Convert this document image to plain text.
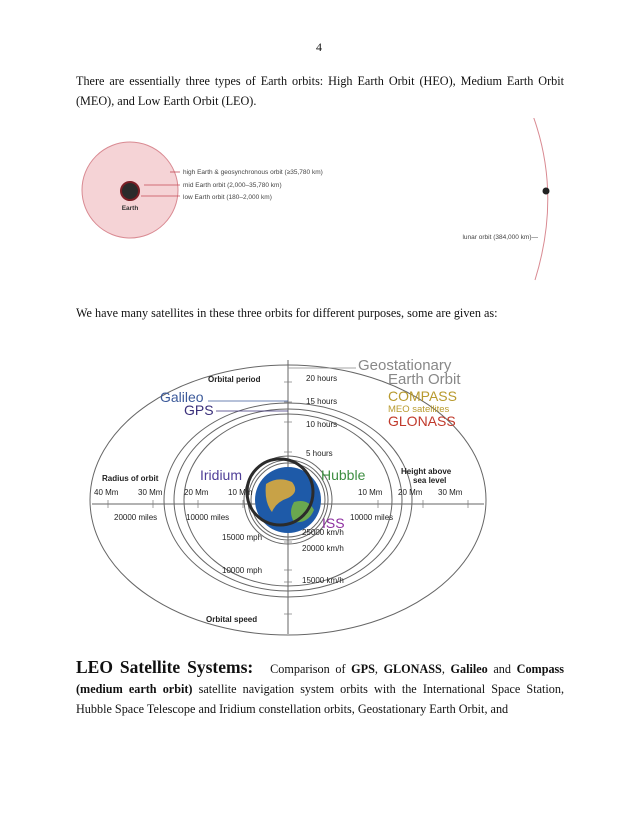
4

There are essentially three types of Earth orbits: High Earth Orbit (HEO), Medium Earth Orbit (MEO), and Low Earth Orbit (LEO).

Earth
high Earth & geosynchronous orbit (≥35,780 km)
mid Earth orbit (2,000–35,780 km)
low Earth orbit (180–2,000 km)
lunar orbit (384,000 km)—

We have many satellites in these three orbits for different purposes, some are given as:

Geostationary
Earth Orbit
Orbital period	20 hours
15 hours
10 hours
5 hours
Galileo
GPS
COMPASS
MEO satellites
GLONASS
Iridium	Hubble
Radius of orbit
Height above
sea level
40 Mm 30 Mm	20 Mm 10 Mm	10 Mm 20 Mm 30 Mm
20000 miles	10000 miles	10000 miles
ISS
15000 mph
10000 mph
25000 km/h
20000 km/h
15000 km/h
Orbital speed

LEO Satellite Systems: Comparison of GPS, GLONASS, Galileo and Compass (medium earth orbit) satellite navigation system orbits with the International Space Station, Hubble Space Telescope and Iridium constellation orbits, Geostationary Earth Orbit, and
